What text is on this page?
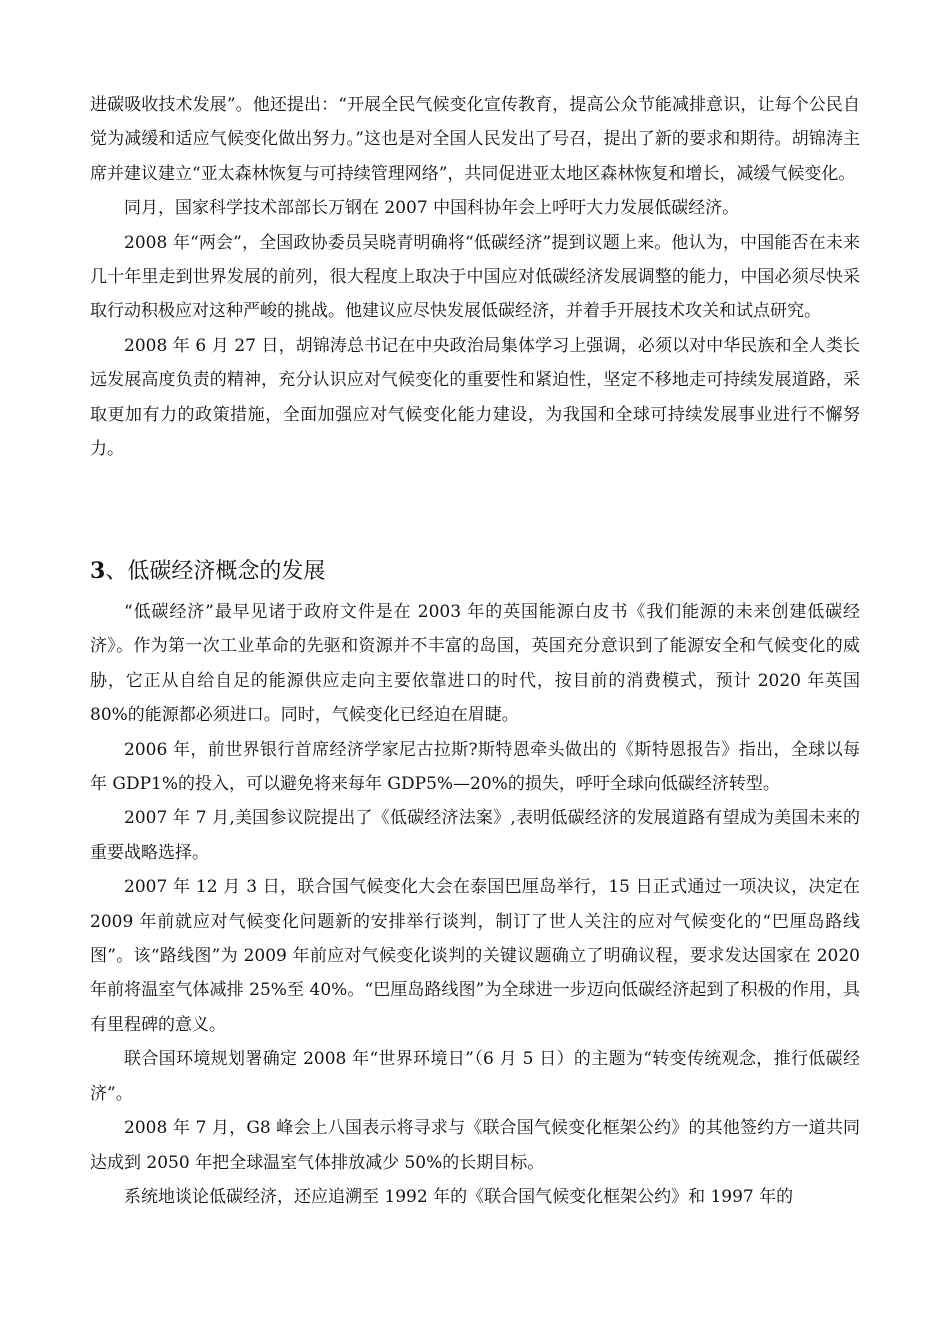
进碳吸收技术发展”。他还提出：“开展全民气候变化宣传教育，提高公众节能减排意识，让每个公民自觉为减缓和适应气候变化做出努力。”这也是对全国人民发出了号召，提出了新的要求和期待。胡锦涛主席并建议建立“亚太森林恢复与可持续管理网络”，共同促进亚太地区森林恢复和增长，减缓气候变化。

同月，国家科学技术部部长万钢在 2007 中国科协年会上呼吁大力发展低碳经济。

2008 年“两会”，全国政协委员吴晓青明确将“低碳经济”提到议题上来。他认为，中国能否在未来几十年里走到世界发展的前列，很大程度上取决于中国应对低碳经济发展调整的能力，中国必须尽快采取行动积极应对这种严峻的挑战。他建议应尽快发展低碳经济，并着手开展技术攻关和试点研究。

2008 年 6 月 27 日，胡锦涛总书记在中央政治局集体学习上强调，必须以对中华民族和全人类长远发展高度负责的精神，充分认识应对气候变化的重要性和紧迫性，坚定不移地走可持续发展道路，采取更加有力的政策措施，全面加强应对气候变化能力建设，为我国和全球可持续发展事业进行不懈努力。

3、低碳经济概念的发展

“低碳经济”最早见诸于政府文件是在 2003 年的英国能源白皮书《我们能源的未来创建低碳经济》。作为第一次工业革命的先驱和资源并不丰富的岛国，英国充分意识到了能源安全和气候变化的威胁，它正从自给自足的能源供应走向主要依靠进口的时代，按目前的消费模式，预计 2020 年英国 80%的能源都必须进口。同时，气候变化已经迫在眉睫。

2006 年，前世界银行首席经济学家尼古拉斯?斯特恩牵头做出的《斯特恩报告》指出，全球以每年 GDP1%的投入，可以避免将来每年 GDP5%—20%的损失，呼吁全球向低碳经济转型。

2007 年 7 月,美国参议院提出了《低碳经济法案》,表明低碳经济的发展道路有望成为美国未来的重要战略选择。

2007 年 12 月 3 日，联合国气候变化大会在泰国巴厘岛举行，15 日正式通过一项决议，决定在 2009 年前就应对气候变化问题新的安排举行谈判，制订了世人关注的应对气候变化的“巴厘岛路线图”。该“路线图”为 2009 年前应对气候变化谈判的关键议题确立了明确议程，要求发达国家在 2020 年前将温室气体减排 25%至 40%。“巴厘岛路线图”为全球进一步迈向低碳经济起到了积极的作用，具有里程碑的意义。

联合国环境规划署确定 2008 年“世界环境日”（6 月 5 日）的主题为“转变传统观念，推行低碳经济”。

2008 年 7 月，G8 峰会上八国表示将寻求与《联合国气候变化框架公约》的其他签约方一道共同达成到 2050 年把全球温室气体排放减少 50%的长期目标。

系统地谈论低碳经济，还应追溯至 1992 年的《联合国气候变化框架公约》和 1997 年的
